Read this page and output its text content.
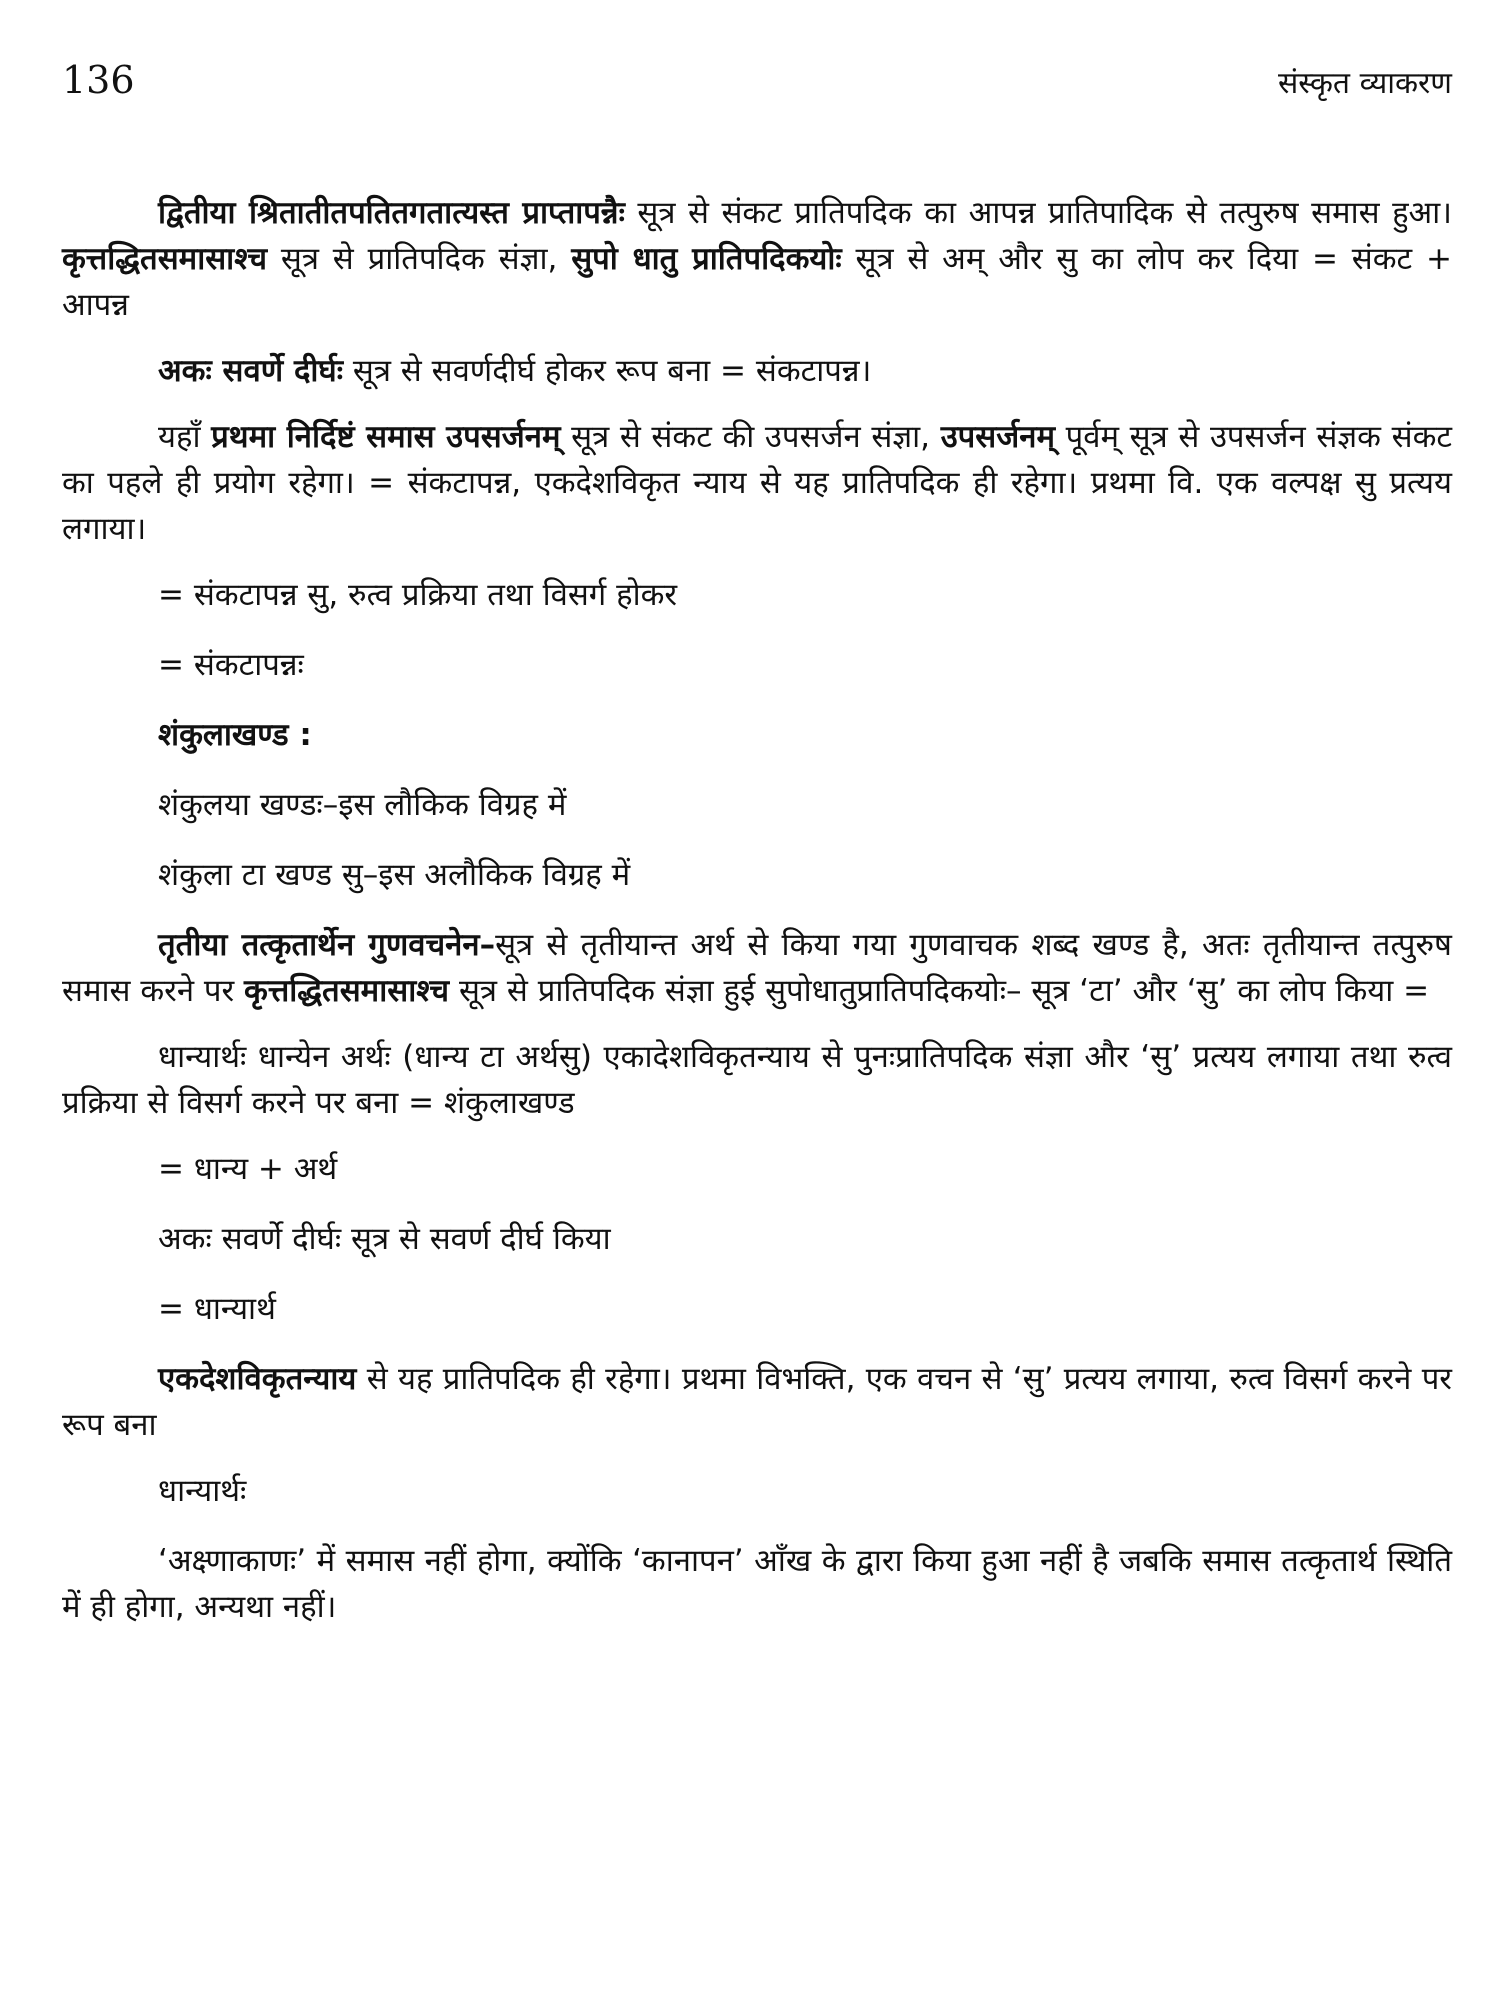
136	संस्कृत व्याकरण

द्वितीया श्रितातीतपतितगतात्यस्त प्राप्तापन्नैः सूत्र से संकट प्रातिपदिक का आपन्न प्रातिपादिक से तत्पुरुष समास हुआ। कृत्तद्धितसमासाश्च सूत्र से प्रातिपदिक संज्ञा, सुपो धातु प्रातिपदिकयोः सूत्र से अम् और सु का लोप कर दिया = संकट + आपन्न

अकः सवर्णे दीर्घः सूत्र से सवर्णदीर्घ होकर रूप बना = संकटापन्न।

यहाँ प्रथमा निर्दिष्टं समास उपसर्जनम् सूत्र से संकट की उपसर्जन संज्ञा, उपसर्जनम् पूर्वम् सूत्र से उपसर्जन संज्ञक संकट का पहले ही प्रयोग रहेगा। = संकटापन्न, एकदेशविकृत न्याय से यह प्रातिपदिक ही रहेगा। प्रथमा वि. एक वल्पक्ष सु प्रत्यय लगाया।

= संकटापन्न सु, रुत्व प्रक्रिया तथा विसर्ग होकर
= संकटापन्नः
शंकुलाखण्ड :
शंकुलया खण्डः–इस लौकिक विग्रह में
शंकुला टा खण्ड सु–इस अलौकिक विग्रह में

तृतीया तत्कृतार्थेन गुणवचनेन–सूत्र से तृतीयान्त अर्थ से किया गया गुणवाचक शब्द खण्ड है, अतः तृतीयान्त तत्पुरुष समास करने पर कृत्तद्धितसमासाश्च सूत्र से प्रातिपदिक संज्ञा हुई सुपोधातुप्रातिपदिकयोः– सूत्र ‘टा’ और ‘सु’ का लोप किया =

धान्यार्थः धान्येन अर्थः (धान्य टा अर्थसु) एकादेशविकृतन्याय से पुनःप्रातिपदिक संज्ञा और ‘सु’ प्रत्यय लगाया तथा रुत्व प्रक्रिया से विसर्ग करने पर बना = शंकुलाखण्ड

= धान्य + अर्थ
अकः सवर्णे दीर्घः सूत्र से सवर्ण दीर्घ किया
= धान्यार्थ

एकदेशविकृतन्याय से यह प्रातिपदिक ही रहेगा। प्रथमा विभक्ति, एक वचन से ‘सु’ प्रत्यय लगाया, रुत्व विसर्ग करने पर रूप बना

धान्यार्थः

‘अक्ष्णाकाणः’ में समास नहीं होगा, क्योंकि ‘कानापन’ आँख के द्वारा किया हुआ नहीं है जबकि समास तत्कृतार्थ स्थिति में ही होगा, अन्यथा नहीं।
